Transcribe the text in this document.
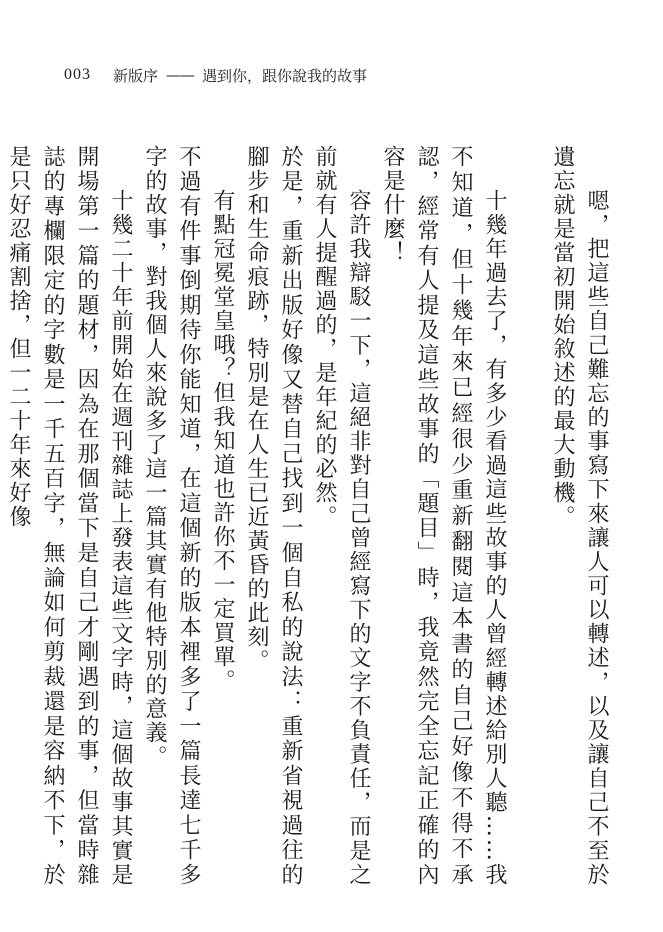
003 新版序 —— 遇到你，跟你說我的故事

嗯，把這些自己難忘的事寫下來讓人可以轉述，以及讓自己不至於遺忘就是當初開始敘述的最大動機。

十幾年過去了，有多少看過這些故事的人曾經轉述給別人聽……我不知道，但十幾年來已經很少重新翻閱這本書的自己好像不得不承認，經常有人提及這些故事的「題目」時，我竟然完全忘記正確的內容是什麼！

容許我辯駁一下，這絕非對自己曾經寫下的文字不負責任，而是之前就有人提醒過的，是年紀的必然。

於是，重新出版好像又替自己找到一個自私的說法：重新省視過往的腳步和生命痕跡，特別是在人生已近黃昏的此刻。

有點冠冕堂皇哦？但我知道也許你不一定買單。

不過有件事倒期待你能知道，在這個新的版本裡多了一篇長達七千多字的故事，對我個人來說多了這一篇其實有他特別的意義。

十幾二十年前開始在週刊雜誌上發表這些文字時，這個故事其實是開場第一篇的題材，因為在那個當下是自己才剛遇到的事，但當時雜誌的專欄限定的字數是一千五百字，無論如何剪裁還是容納不下，於是只好忍痛割捨，但一二十年來好像
